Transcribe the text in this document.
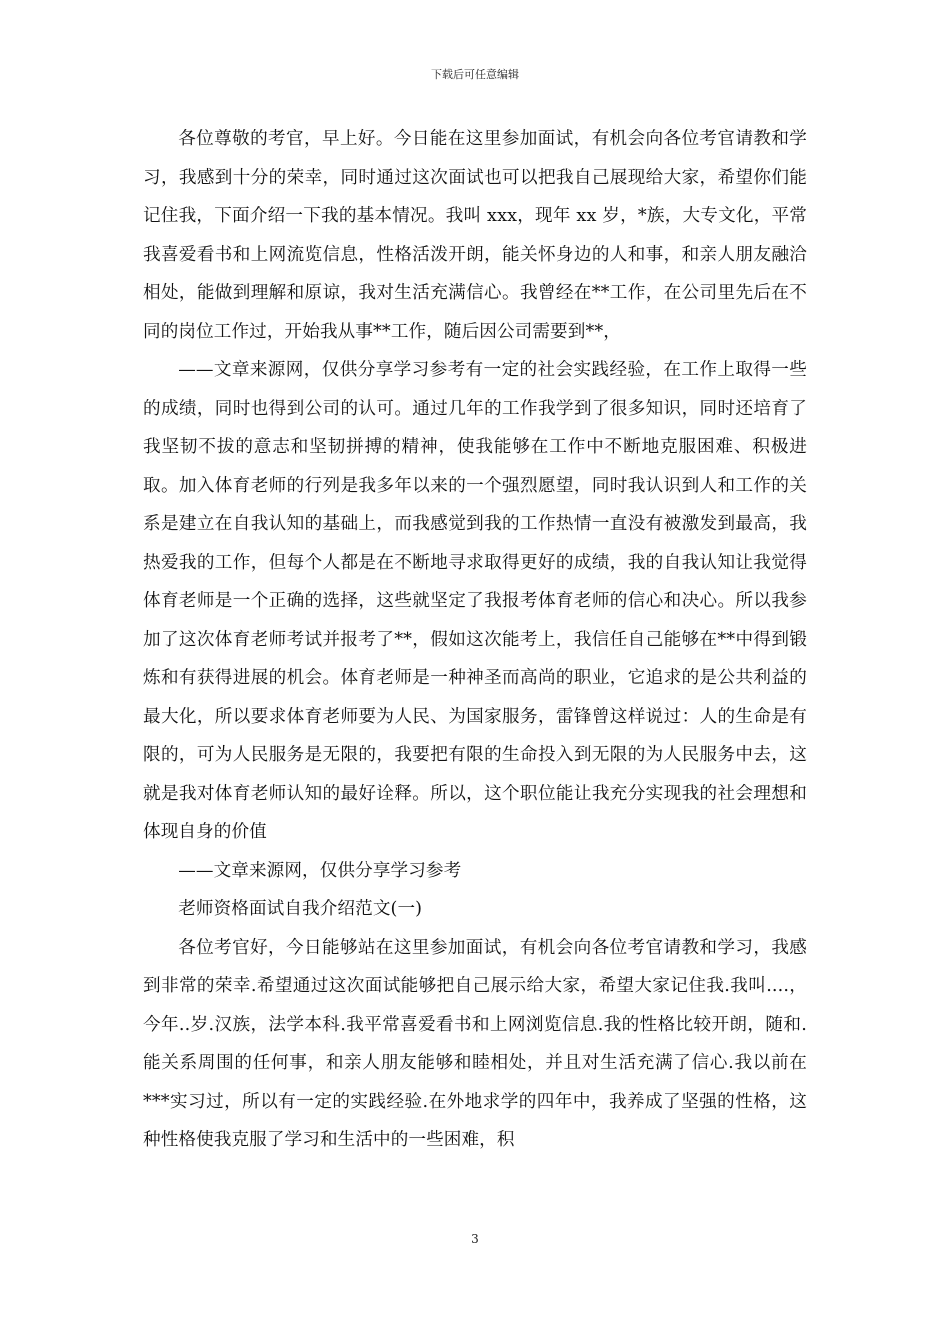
下载后可任意编辑

各位尊敬的考官，早上好。今日能在这里参加面试，有机会向各位考官请教和学习，我感到十分的荣幸，同时通过这次面试也可以把我自己展现给大家，希望你们能记住我，下面介绍一下我的基本情况。我叫 xxx，现年 xx 岁，*族，大专文化，平常我喜爱看书和上网流览信息，性格活泼开朗，能关怀身边的人和事，和亲人朋友融洽相处，能做到理解和原谅，我对生活充满信心。我曾经在**工作，在公司里先后在不同的岗位工作过，开始我从事**工作，随后因公司需要到**，

——文章来源网，仅供分享学习参考有一定的社会实践经验，在工作上取得一些的成绩，同时也得到公司的认可。通过几年的工作我学到了很多知识，同时还培育了我坚韧不拔的意志和坚韧拼搏的精神，使我能够在工作中不断地克服困难、积极进取。加入体育老师的行列是我多年以来的一个强烈愿望，同时我认识到人和工作的关系是建立在自我认知的基础上，而我感觉到我的工作热情一直没有被激发到最高，我热爱我的工作，但每个人都是在不断地寻求取得更好的成绩，我的自我认知让我觉得体育老师是一个正确的选择，这些就坚定了我报考体育老师的信心和决心。所以我参加了这次体育老师考试并报考了**，假如这次能考上，我信任自己能够在**中得到锻炼和有获得进展的机会。体育老师是一种神圣而高尚的职业，它追求的是公共利益的最大化，所以要求体育老师要为人民、为国家服务，雷锋曾这样说过：人的生命是有限的，可为人民服务是无限的，我要把有限的生命投入到无限的为人民服务中去，这就是我对体育老师认知的最好诠释。所以，这个职位能让我充分实现我的社会理想和体现自身的价值

——文章来源网，仅供分享学习参考

老师资格面试自我介绍范文(一)

各位考官好，今日能够站在这里参加面试，有机会向各位考官请教和学习，我感到非常的荣幸.希望通过这次面试能够把自己展示给大家，希望大家记住我.我叫....，今年..岁.汉族，法学本科.我平常喜爱看书和上网浏览信息.我的性格比较开朗，随和.能关系周围的任何事，和亲人朋友能够和睦相处，并且对生活充满了信心.我以前在***实习过，所以有一定的实践经验.在外地求学的四年中，我养成了坚强的性格，这种性格使我克服了学习和生活中的一些困难，积

3
